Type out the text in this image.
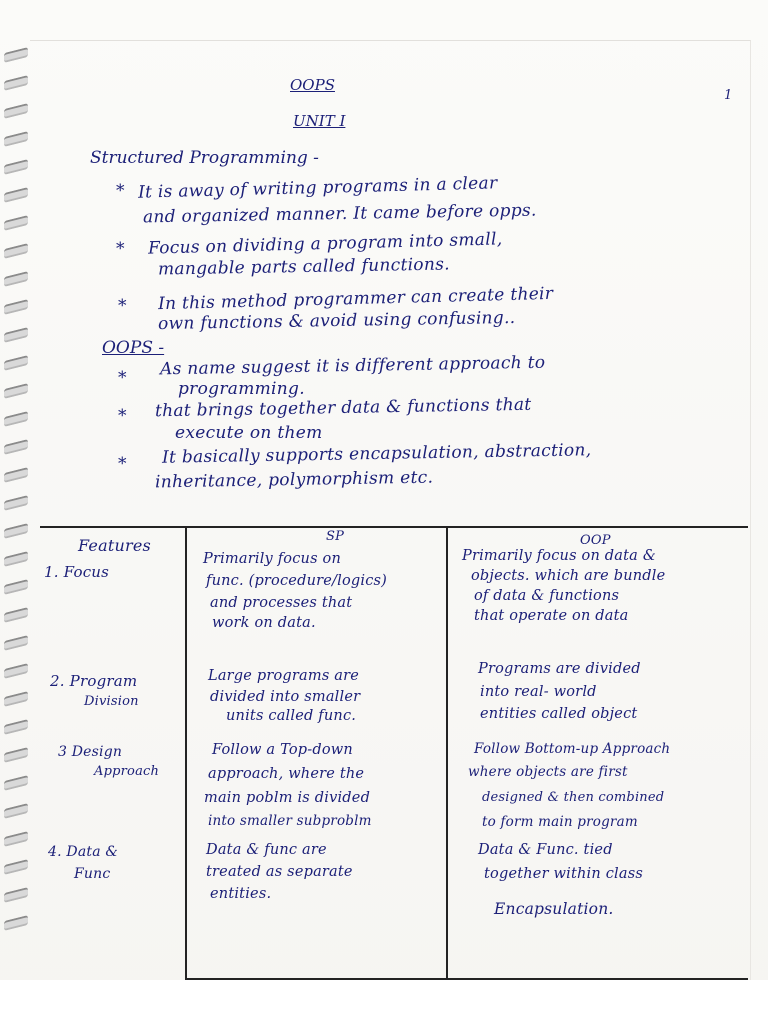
OOPS
UNIT I
1
Structured Programming -
* It is away of writing programs in a clear
and organized manner. It came before opps.
* Focus on dividing a program into small,
mangable parts called functions.
* In this method programmer can create their
own functions & avoid using confusing..
OOPS -
* As name suggest it is different approach to
programming.
* that brings together data & functions that
execute on them
* It basically supports encapsulation, abstraction,
inheritance, polymorphism etc.
Features	SP	OOP
1. Focus
Primarily focus on
func. (procedure/logics)
and processes that
work on data.
Primarily focus on data &
objects. which are bundle
of data & functions
that operate on data
2. Program
Division
Large programs are
divided into smaller
units called func.
Programs are divided
into real- world
entities called object
3 Design
Approach
Follow a Top-down
approach, where the
main poblm is divided
into smaller subproblm
Follow Bottom-up Approach
where objects are first
designed & then combined
to form main program
4. Data &
Func
Data & func are
treated as separate
entities.
Data & Func. tied
together within class
Encapsulation.
